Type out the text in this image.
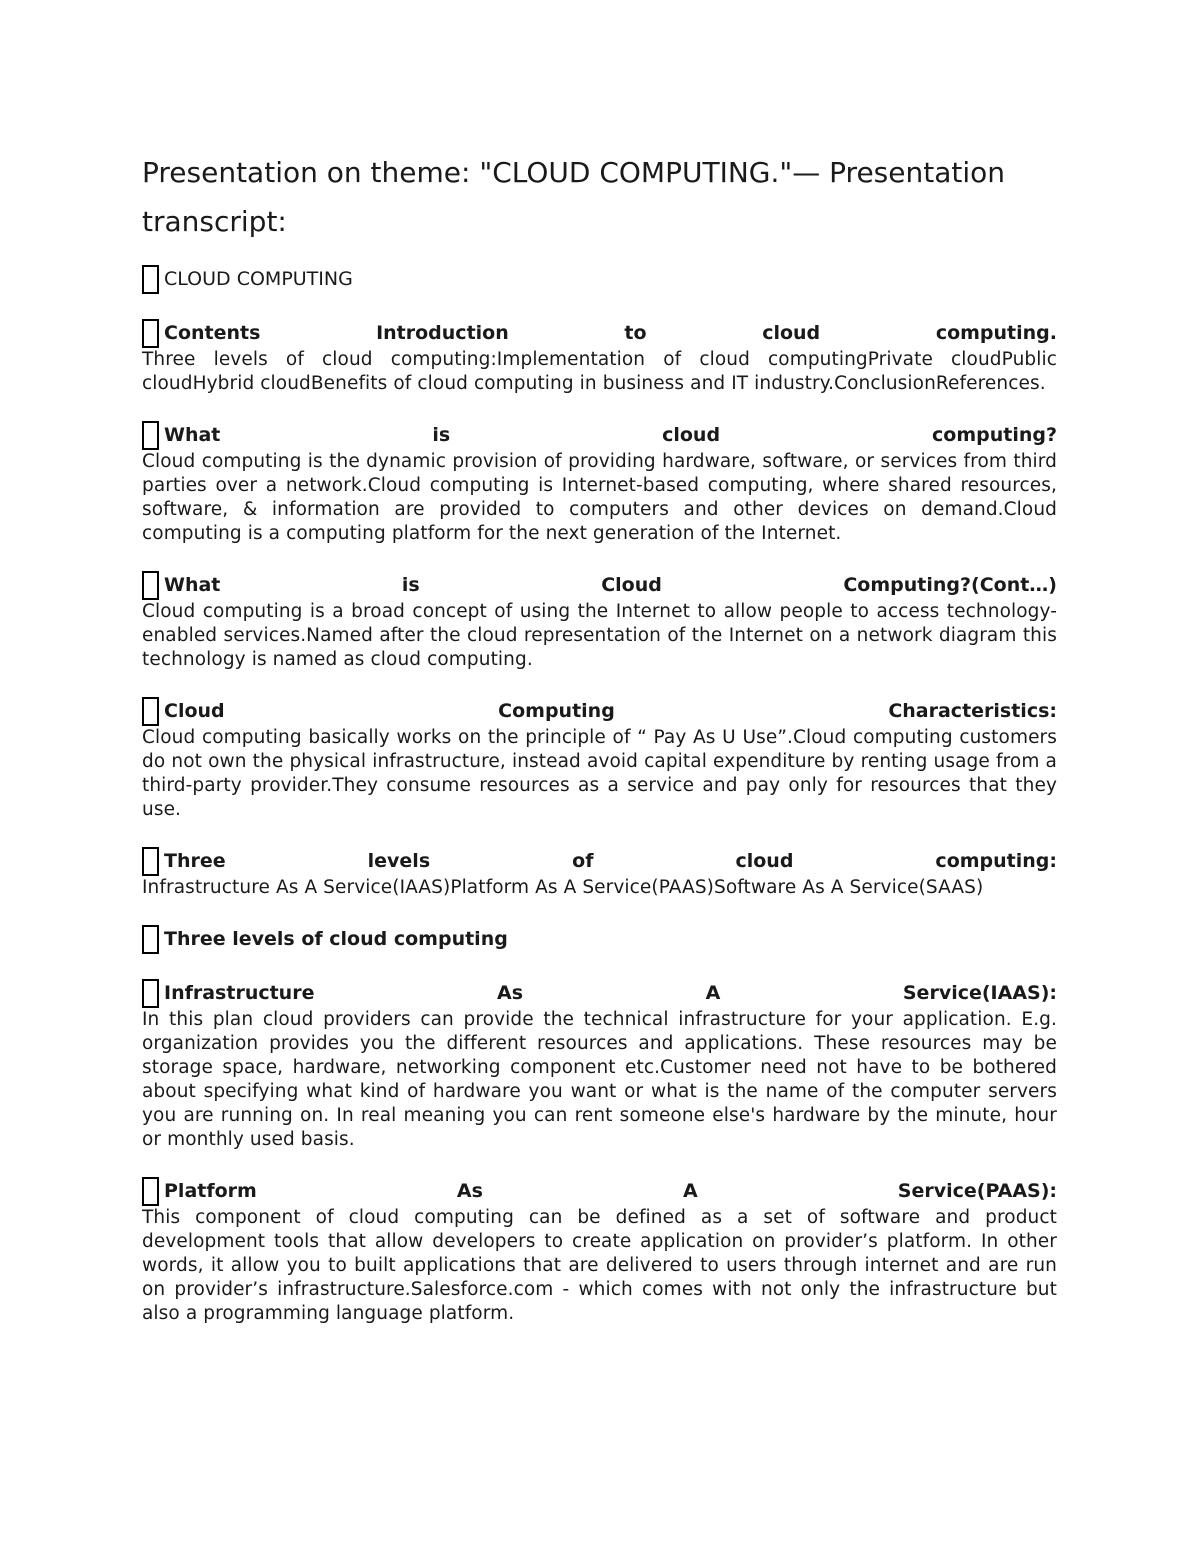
Presentation on theme: "CLOUD COMPUTING."— Presentation transcript:
CLOUD COMPUTING
Contents Introduction to cloud computing.

Three levels of cloud computing:Implementation of cloud computingPrivate cloudPublic cloudHybrid cloudBenefits of cloud computing in business and IT industry.ConclusionReferences.

What is cloud computing?

Cloud computing is the dynamic provision of providing hardware, software, or services from third parties over a network.Cloud computing is Internet-based computing, where shared resources, software, & information are provided to computers and other devices on demand.Cloud computing is a computing platform for the next generation of the Internet.

What is Cloud Computing?(Cont…)

Cloud computing is a broad concept of using the Internet to allow people to access technology- enabled services.Named after the cloud representation of the Internet on a network diagram this technology is named as cloud computing.

Cloud Computing Characteristics:

Cloud computing basically works on the principle of “ Pay As U Use”.Cloud computing customers do not own the physical infrastructure, instead avoid capital expenditure by renting usage from a third-party provider.They consume resources as a service and pay only for resources that they use.

Three levels of cloud computing:

Infrastructure As A Service(IAAS)Platform As A Service(PAAS)Software As A Service(SAAS)

Three levels of cloud computing
Infrastructure As A Service(IAAS):

In this plan cloud providers can provide the technical infrastructure for your application. E.g. organization provides you the different resources and applications. These resources may be storage space, hardware, networking component etc.Customer need not have to be bothered about specifying what kind of hardware you want or what is the name of the computer servers you are running on. In real meaning you can rent someone else's hardware by the minute, hour or monthly used basis.

Platform As A Service(PAAS):

This component of cloud computing can be defined as a set of software and product development tools that allow developers to create application on provider’s platform. In other words, it allow you to built applications that are delivered to users through internet and are run on provider’s infrastructure.Salesforce.com - which comes with not only the infrastructure but also a programming language platform.
